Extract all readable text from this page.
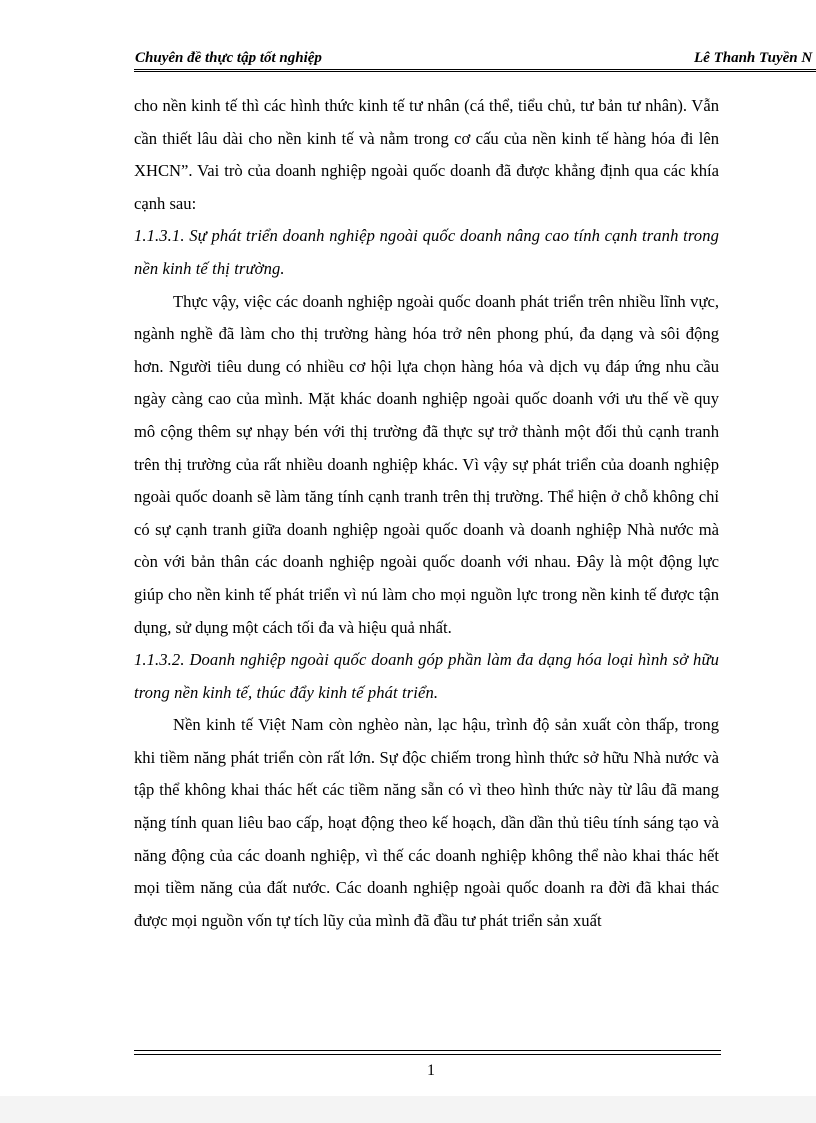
Chuyên đề thực tập tốt nghiệp	Lê Thanh Tuyền N

cho nền kinh tế thì các hình thức kinh tế tư nhân (cá thể, tiểu chủ, tư bản tư nhân). Vẫn cần thiết lâu dài cho nền kinh tế và nằm trong cơ cấu của nền kinh tế hàng hóa đi lên XHCN”. Vai trò của doanh nghiệp ngoài quốc doanh đã được khẳng định qua các khía cạnh sau:

1.1.3.1. Sự phát triển doanh nghiệp ngoài quốc doanh nâng cao tính cạnh tranh trong nền kinh tế thị trường.

Thực vậy, việc các doanh nghiệp ngoài quốc doanh phát triển trên nhiều lĩnh vực, ngành nghề đã làm cho thị trường hàng hóa trở nên phong phú, đa dạng và sôi động hơn. Người tiêu dung có nhiều cơ hội lựa chọn hàng hóa và dịch vụ đáp ứng nhu cầu ngày càng cao của mình. Mặt khác doanh nghiệp ngoài quốc doanh với ưu thế về quy mô cộng thêm sự nhạy bén với thị trường đã thực sự trở thành một đối thủ cạnh tranh trên thị trường của rất nhiều doanh nghiệp khác. Vì vậy sự phát triển của doanh nghiệp ngoài quốc doanh sẽ làm tăng tính cạnh tranh trên thị trường. Thể hiện ở chỗ không chỉ có sự cạnh tranh giữa doanh nghiệp ngoài quốc doanh và doanh nghiệp Nhà nước mà còn với bản thân các doanh nghiệp ngoài quốc doanh với nhau. Đây là một động lực giúp cho nền kinh tế phát triển vì nú làm cho mọi nguồn lực trong nền kinh tế được tận dụng, sử dụng một cách tối đa và hiệu quả nhất.

1.1.3.2. Doanh nghiệp ngoài quốc doanh góp phần làm đa dạng hóa loại hình sở hữu trong nền kinh tế, thúc đẩy kinh tế phát triển.

Nền kinh tế Việt Nam còn nghèo nàn, lạc hậu, trình độ sản xuất còn thấp, trong khi tiềm năng phát triển còn rất lớn. Sự độc chiếm trong hình thức sở hữu Nhà nước và tập thể không khai thác hết các tiềm năng sẵn có vì theo hình thức này từ lâu đã mang nặng tính quan liêu bao cấp, hoạt động theo kế hoạch, dần dần thủ tiêu tính sáng tạo và năng động của các doanh nghiệp, vì thế các doanh nghiệp không thể nào khai thác hết mọi tiềm năng của đất nước. Các doanh nghiệp ngoài quốc doanh ra đời đã khai thác được mọi nguồn vốn tự tích lũy của mình đã đầu tư phát triển sản xuất

1
